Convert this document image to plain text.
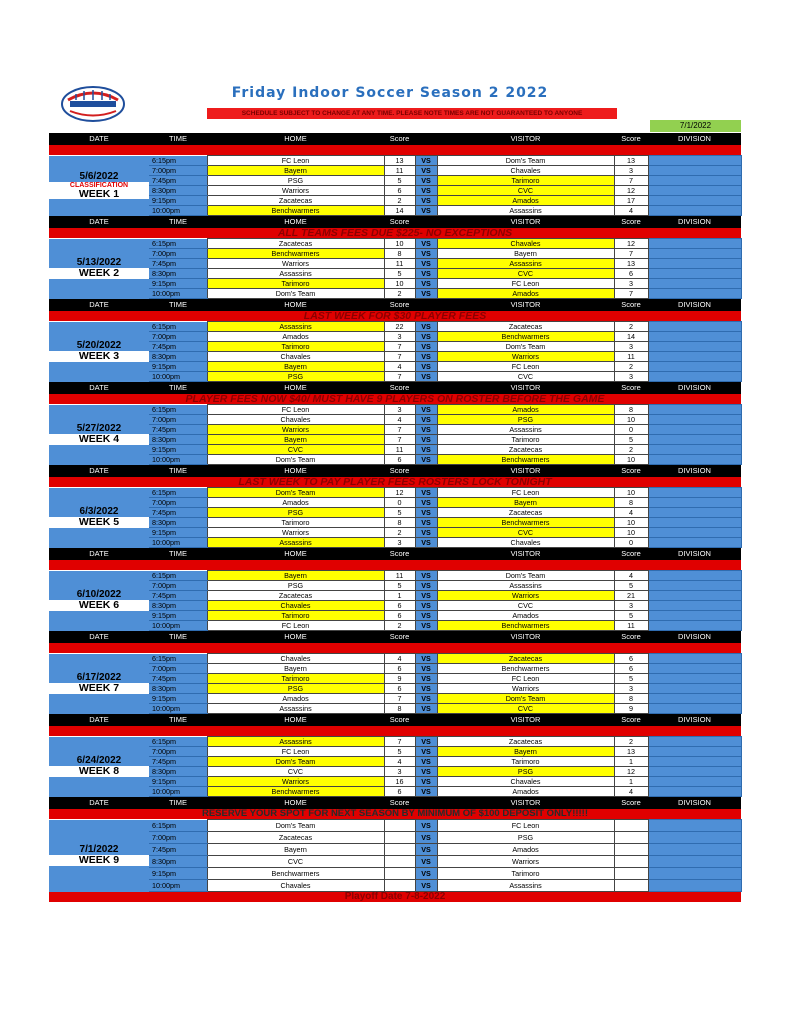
Friday Indoor Soccer Season 2 2022
SCHEDULE SUBJECT TO CHANGE AT ANY TIME. PLEASE NOTE TIMES ARE NOT GUARANTEED TO ANYONE
7/1/2022
DATE	TIME	HOME	Score		VISITOR	Score	DIVISION

5/6/2022
CLASSIFICATION
WEEK 1	6:15pm	FC Leon	13	VS	Dom's Team	13	
	7:00pm	Bayern	11	VS	Chavales	3	
	7:45pm	PSG	5	VS	Tarimoro	7	
	8:30pm	Warriors	6	VS	CVC	12	
	9:15pm	Zacatecas	2	VS	Amados	17	
	10:00pm	Benchwarmers	14	VS	Assassins	4	
DATE	TIME	HOME	Score		VISITOR	Score	DIVISION
ALL TEAMS FEES DUE $225- NO EXCEPTIONS							

5/13/2022
WEEK 2	6:15pm	Zacatecas	10	VS	Chavales	12	
	7:00pm	Benchwarmers	8	VS	Bayern	7	
	7:45pm	Warriors	11	VS	Assassins	13	
	8:30pm	Assassins	5	VS	CVC	6	
	9:15pm	Tarimoro	10	VS	FC Leon	3	
	10:00pm	Dom's Team	2	VS	Amados	7	
DATE	TIME	HOME	Score		VISITOR	Score	DIVISION
LAST WEEK FOR $30 PLAYER FEES							

5/20/2022
WEEK 3	6:15pm	Assassins	22	VS	Zacatecas	2	
	7:00pm	Amados	3	VS	Benchwarmers	14	
	7:45pm	Tarimoro	7	VS	Dom's Team	3	
	8:30pm	Chavales	7	VS	Warriors	11	
	9:15pm	Bayern	4	VS	FC Leon	2	
	10:00pm	PSG	7	VS	CVC	3	
DATE	TIME	HOME	Score		VISITOR	Score	DIVISION
PLAYER FEES NOW $40/ MUST HAVE 9 PLAYERS ON ROSTER BEFORE THE GAME							

5/27/2022
WEEK 4	6:15pm	FC Leon	3	VS	Amados	8	
	7:00pm	Chavales	4	VS	PSG	10	
	7:45pm	Warriors	7	VS	Assassins	0	
	8:30pm	Bayern	7	VS	Tarimoro	5	
	9:15pm	CVC	11	VS	Zacatecas	2	
	10:00pm	Dom's Team	6	VS	Benchwarmers	10	
DATE	TIME	HOME	Score		VISITOR	Score	DIVISION
LAST WEEK TO PAY PLAYER FEES ROSTERS LOCK TONIGHT							

6/3/2022
WEEK 5	6:15pm	Dom's Team	12	VS	FC Leon	10	
	7:00pm	Amados	0	VS	Bayern	8	
	7:45pm	PSG	5	VS	Zacatecas	4	
	8:30pm	Tarimoro	8	VS	Benchwarmers	10	
	9:15pm	Warriors	2	VS	CVC	10	
	10:00pm	Assassins	3	VS	Chavales	0	
DATE	TIME	HOME	Score		VISITOR	Score	DIVISION

6/10/2022
WEEK 6	6:15pm	Bayern	11	VS	Dom's Team	4	
	7:00pm	PSG	5	VS	Assassins	5	
	7:45pm	Zacatecas	1	VS	Warriors	21	
	8:30pm	Chavales	6	VS	CVC	3	
	9:15pm	Tarimoro	6	VS	Amados	5	
	10:00pm	FC Leon	2	VS	Benchwarmers	11	
DATE	TIME	HOME	Score		VISITOR	Score	DIVISION

6/17/2022
WEEK 7	6:15pm	Chavales	4	VS	Zacatecas	6	
	7:00pm	Bayern	6	VS	Benchwarmers	6	
	7:45pm	Tarimoro	9	VS	FC Leon	5	
	8:30pm	PSG	6	VS	Warriors	3	
	9:15pm	Amados	7	VS	Dom's Team	8	
	10:00pm	Assassins	8	VS	CVC	9	
DATE	TIME	HOME	Score		VISITOR	Score	DIVISION

6/24/2022
WEEK 8	6:15pm	Assassins	7	VS	Zacatecas	2	
	7:00pm	FC Leon	5	VS	Bayern	13	
	7:45pm	Dom's Team	4	VS	Tarimoro	1	
	8:30pm	CVC	3	VS	PSG	12	
	9:15pm	Warriors	16	VS	Chavales	1	
	10:00pm	Benchwarmers	6	VS	Amados	4	
DATE	TIME	HOME	Score		VISITOR	Score	DIVISION
RESERVE YOUR SPOT FOR NEXT SEASON BY MINIMUM OF $100 DEPOSIT ONLY!!!!!							

7/1/2022
WEEK 9	6:15pm	Dom's Team		VS	FC Leon		
	7:00pm	Zacatecas		VS	PSG		
	7:45pm	Bayern		VS	Amados		
	8:30pm	CVC		VS	Warriors		
	9:15pm	Benchwarmers		VS	Tarimoro		
	10:00pm	Chavales		VS	Assassins		
Playoff Date 7-8-2022							
